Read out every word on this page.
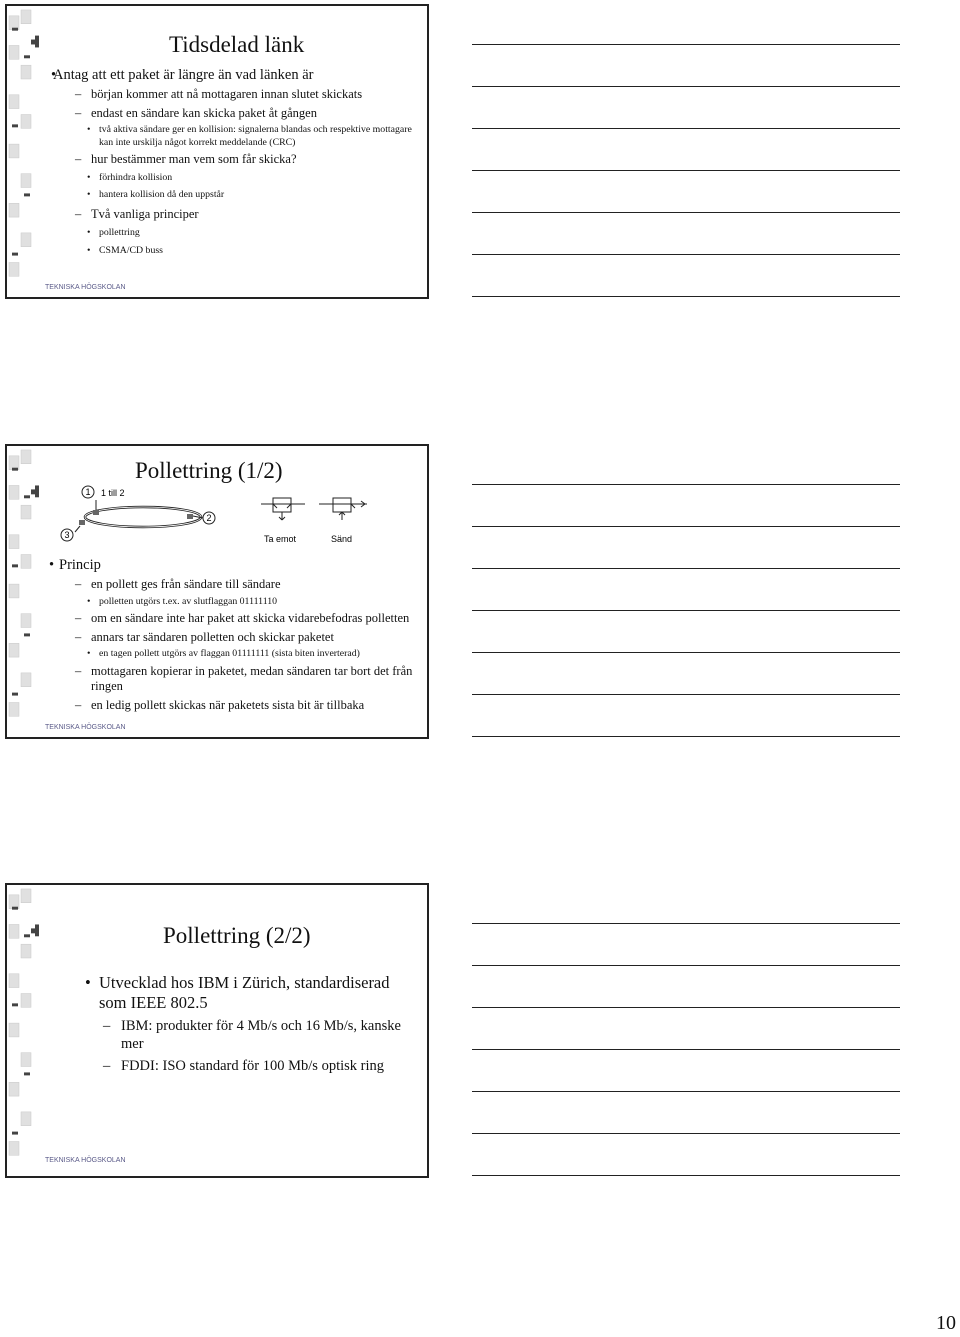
Tidsdelad länk
• Antag att ett paket är längre än vad länken är
– början kommer att nå mottagaren innan slutet skickats
– endast en sändare kan skicka paket åt gången
• två aktiva sändare ger en kollision: signalerna blandas och respektive mottagare kan inte urskilja något korrekt meddelande (CRC)
– hur bestämmer man vem som får skicka?
• förhindra kollision
• hantera kollision då den uppstår
– Två vanliga principer
• pollettring
• CSMA/CD buss
TEKNISKA HÖGSKOLAN
Pollettring (1/2)
1
3
2
1 till 2
Ta emot	Sänd
• Princip
– en pollett ges från sändare till sändare
• polletten utgörs t.ex. av slutflaggan 01111110
– om en sändare inte har paket att skicka vidarebefodras polletten
– annars tar sändaren polletten och skickar paketet
• en tagen pollett utgörs av flaggan 01111111 (sista biten inverterad)
– mottagaren kopierar in paketet, medan sändaren tar bort det från ringen
– en ledig pollett skickas när paketets sista bit är tillbaka
TEKNISKA HÖGSKOLAN
Pollettring (2/2)
• Utvecklad hos IBM i Zürich, standardiserad som IEEE 802.5
– IBM: produkter för 4 Mb/s och 16 Mb/s, kanske mer
– FDDI: ISO standard för 100 Mb/s optisk ring
TEKNISKA HÖGSKOLAN
10
